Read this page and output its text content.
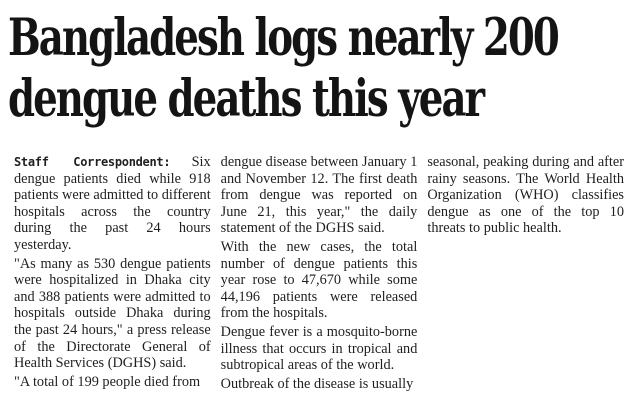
Bangladesh logs nearly 200
dengue deaths this year

Staff Correspondent: Six dengue patients died while 918 patients were admitted to different hospitals across the country during the past 24 hours yesterday.

"As many as 530 dengue patients were hospitalized in Dhaka city and 388 patients were admitted to hospitals outside Dhaka during the past 24 hours," a press release of the Directorate General of Health Services (DGHS) said.

"A total of 199 people died from

dengue disease between January 1 and November 12. The first death from dengue was reported on June 21, this year," the daily statement of the DGHS said.

With the new cases, the total number of dengue patients this year rose to 47,670 while some 44,196 patients were released from the hospitals.

Dengue fever is a mosquito-borne illness that occurs in tropical and subtropical areas of the world.

Outbreak of the disease is usually

seasonal, peaking during and after rainy seasons. The World Health Organization (WHO) classifies dengue as one of the top 10 threats to public health.
